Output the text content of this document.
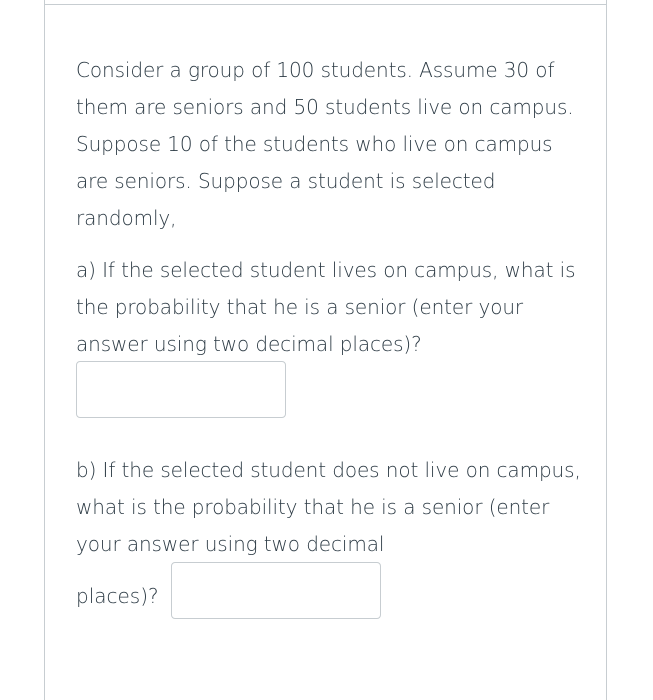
Consider a group of 100 students. Assume 30 of them are seniors and 50 students live on campus. Suppose 10 of the students who live on campus are seniors. Suppose a student is selected randomly,

a) If the selected student lives on campus, what is the probability that he is a senior (enter your answer using two decimal places)?

b) If the selected student does not live on campus, what is the probability that he is a senior (enter your answer using two decimal

places)?
